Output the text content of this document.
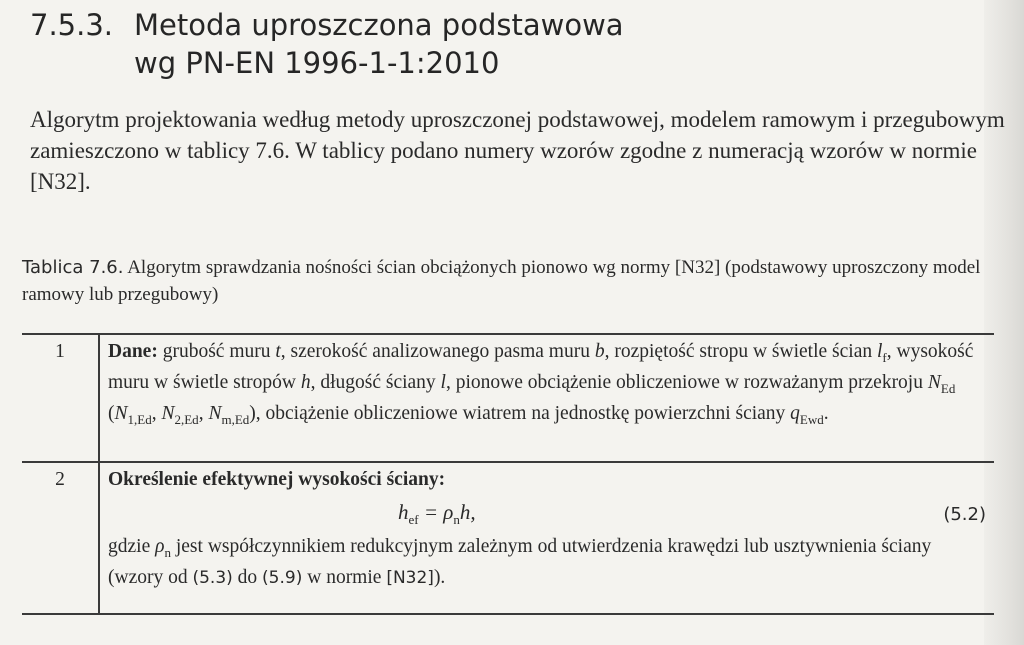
7.5.3. Metoda uproszczona podstawowa
wg PN-EN 1996-1-1:2010
Algorytm projektowania według metody uproszczonej podstawowej, modelem ramowym i przegubowym zamieszczono w tablicy 7.6. W tablicy podano numery wzorów zgodne z numeracją wzorów w normie [N32].
Tablica 7.6. Algorytm sprawdzania nośności ścian obciążonych pionowo wg normy [N32] (podstawowy uproszczony model ramowy lub przegubowy)
1	Dane: grubość muru t, szerokość analizowanego pasma muru b, rozpiętość stropu w świetle ścian $l_f$, wysokość muru w świetle stropów h, długość ściany l, pionowe obciążenie obliczeniowe w rozważanym przekroju $N_{Ed}$ ($N_{1,Ed}$, $N_{2,Ed}$, $N_{m,Ed}$), obciążenie obliczeniowe wiatrem na jednostkę powierzchni ściany $q_{Ewd}$.
2	Określenie efektywnej wysokości ściany:
$h_{ef} = \rho_nh$, (5.2)
gdzie $\rho_n$ jest współczynnikiem redukcyjnym zależnym od utwierdzenia krawędzi lub usztywnienia ściany (wzory od (5.3) do (5.9) w normie [N32]).
